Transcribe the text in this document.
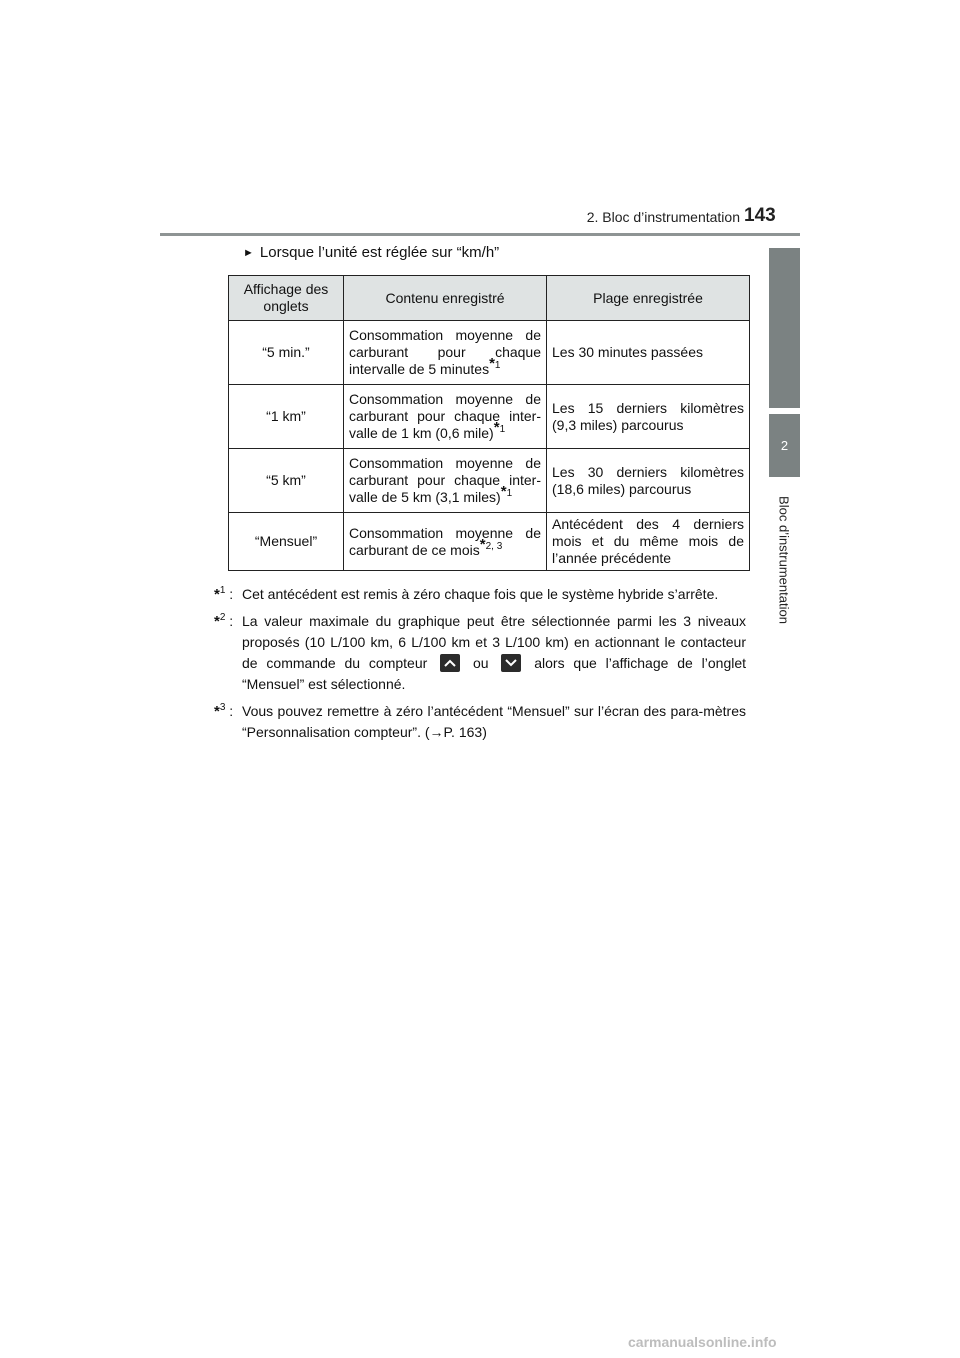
2. Bloc d’instrumentation 143
2
Bloc d’instrumentation
► Lorsque l’unité est réglée sur “km/h”
Affichage des onglets	Contenu enregistré	Plage enregistrée
“5 min.”	Consommation moyenne de carburant pour chaque intervalle de 5 minutes$^{*1}$	Les 30 minutes passées
“1 km”	Consommation moyenne de carburant pour chaque inter-valle de 1 km (0,6 mile)$^{*1}$	Les 15 derniers kilomètres (9,3 miles) parcourus
“5 km”	Consommation moyenne de carburant pour chaque inter-valle de 5 km (3,1 miles)$^{*1}$	Les 30 derniers kilomètres (18,6 miles) parcourus
“Mensuel”	Consommation moyenne de carburant de ce mois$^{*2, 3}$	Antécédent des 4 derniers mois et du même mois de l’année précédente
*$^1$ : Cet antécédent est remis à zéro chaque fois que le système hybride s’arrête.
*$^2$ : La valeur maximale du graphique peut être sélectionnée parmi les 3 niveaux proposés (10 L/100 km, 6 L/100 km et 3 L/100 km) en actionnant le contacteur de commande du compteur	ou	alors que l’affichage de l’onglet “Mensuel” est sélectionné.
*$^3$ : Vous pouvez remettre à zéro l’antécédent “Mensuel” sur l’écran des para-mètres “Personnalisation compteur”. (→P. 163)
carmanualsonline.info
